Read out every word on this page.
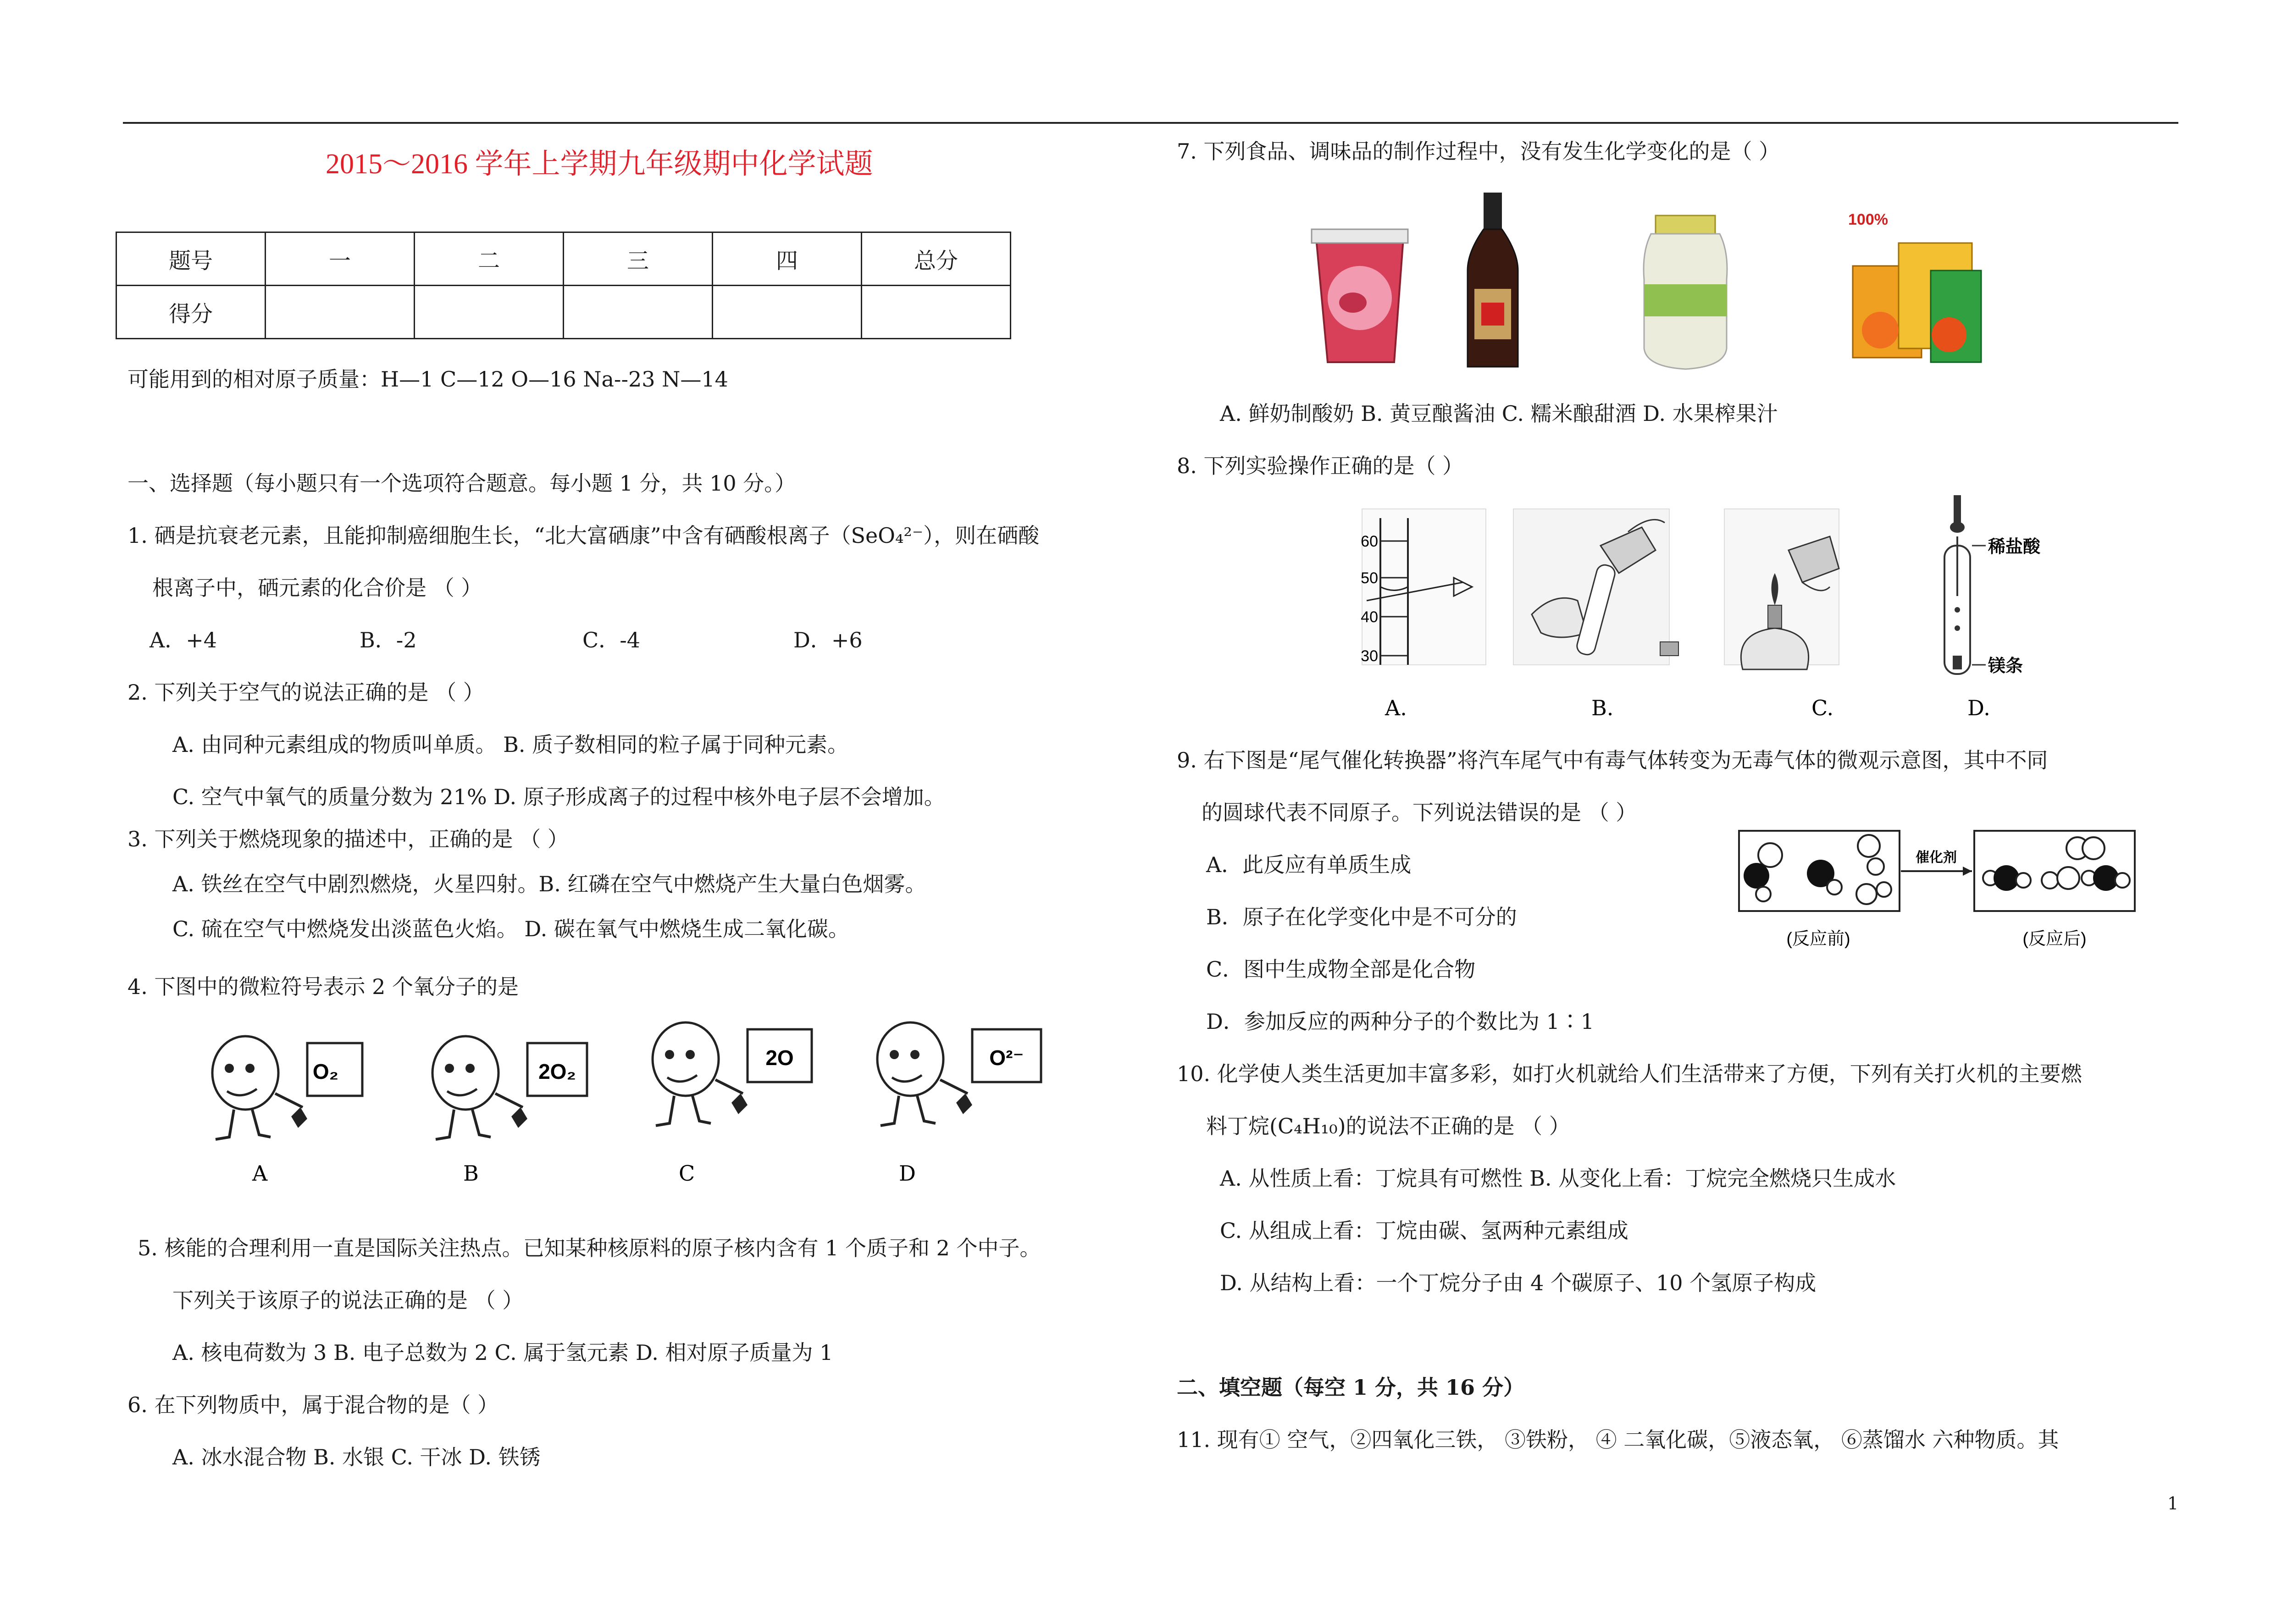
2015～2016 学年上学期九年级期中化学试题
题号	一	二	三	四	总分
得分					
可能用到的相对原子质量：H—1 C—12 O—16 Na--23 N—14
一、选择题（每小题只有一个选项符合题意。每小题 1 分，共 10 分。）
1. 硒是抗衰老元素，且能抑制癌细胞生长，“北大富硒康”中含有硒酸根离子（SeO₄²⁻），则在硒酸
根离子中，硒元素的化合价是 （ ）
A．+4	B．-2	C．-4	D．+6
2. 下列关于空气的说法正确的是 （ ）
A. 由同种元素组成的物质叫单质。 B. 质子数相同的粒子属于同种元素。
C. 空气中氧气的质量分数为 21% D. 原子形成离子的过程中核外电子层不会增加。
3. 下列关于燃烧现象的描述中，正确的是 （ ）
A. 铁丝在空气中剧烈燃烧，火星四射。B. 红磷在空气中燃烧产生大量白色烟雾。
C. 硫在空气中燃烧发出淡蓝色火焰。 D. 碳在氧气中燃烧生成二氧化碳。
4. 下图中的微粒符号表示 2 个氧分子的是
O₂	2O₂
2O	O²⁻
A	B	C	D
5. 核能的合理利用一直是国际关注热点。已知某种核原料的原子核内含有 1 个质子和 2 个中子。
下列关于该原子的说法正确的是 （ ）
A. 核电荷数为 3 B. 电子总数为 2 C. 属于氢元素 D. 相对原子质量为 1
6. 在下列物质中，属于混合物的是（ ）
A. 冰水混合物 B. 水银 C. 干冰 D. 铁锈
7. 下列食品、调味品的制作过程中，没有发生化学变化的是（ ）
100%
A. 鲜奶制酸奶 B. 黄豆酿酱油 C. 糯米酿甜酒 D. 水果榨果汁
8. 下列实验操作正确的是（ ）
60
50
40
30
稀盐酸
镁条
A.	B.	C.	D.
9. 右下图是“尾气催化转换器”将汽车尾气中有毒气体转变为无毒气体的微观示意图，其中不同
的圆球代表不同原子。下列说法错误的是 （ ）
A．此反应有单质生成
B．原子在化学变化中是不可分的
C．图中生成物全部是化合物
D．参加反应的两种分子的个数比为 1∶1
催化剂
(反应前)	(反应后)
10. 化学使人类生活更加丰富多彩，如打火机就给人们生活带来了方便，下列有关打火机的主要燃
料丁烷(C₄H₁₀)的说法不正确的是 （ ）
A. 从性质上看：丁烷具有可燃性 B. 从变化上看：丁烷完全燃烧只生成水
C. 从组成上看：丁烷由碳、氢两种元素组成
D. 从结构上看：一个丁烷分子由 4 个碳原子、10 个氢原子构成
二、填空题（每空 1 分，共 16 分）
11. 现有① 空气，②四氧化三铁， ③铁粉， ④ 二氧化碳，⑤液态氧， ⑥蒸馏水 六种物质。其
1
